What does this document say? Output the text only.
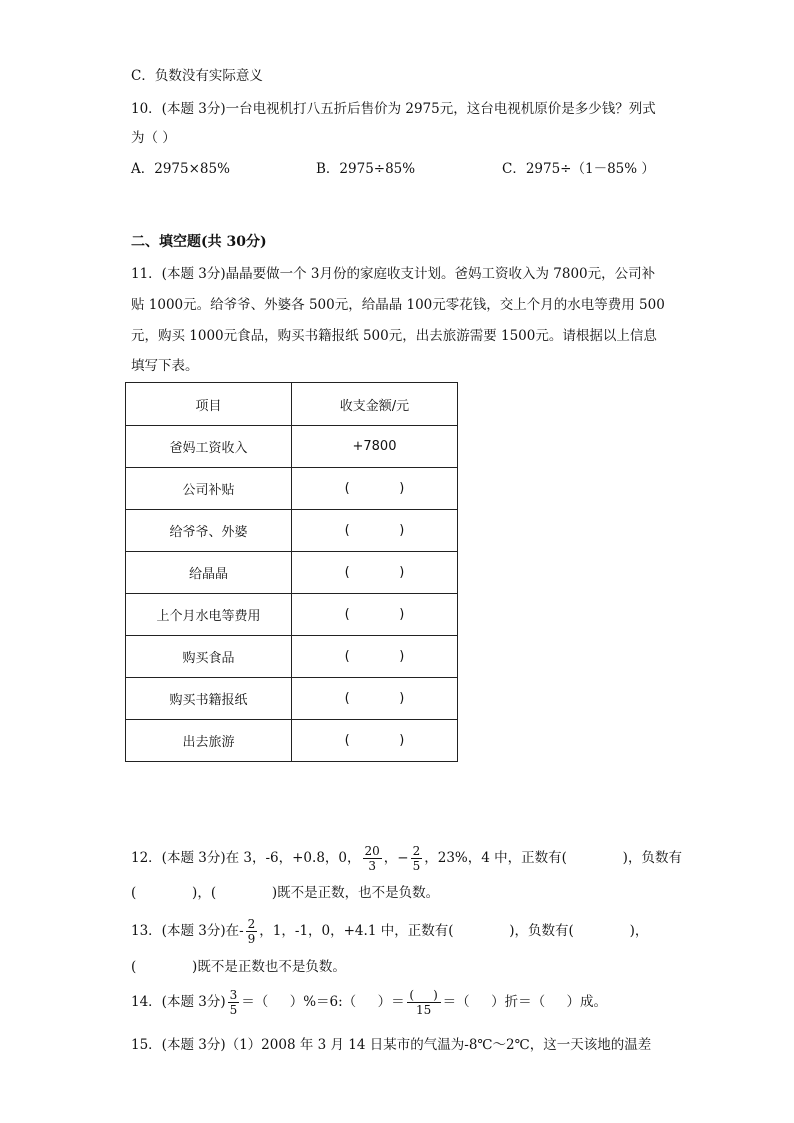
C．负数没有实际意义
10．(本题 3分)一台电视机打八五折后售价为 2975元，这台电视机原价是多少钱？列式
为（ ）
A．2975×85%	B．2975÷85%	C．2975÷（1－85% ）
二、填空题(共 30分)
11．(本题 3分)晶晶要做一个 3月份的家庭收支计划。爸妈工资收入为 7800元，公司补
贴 1000元。给爷爷、外婆各 500元，给晶晶 100元零花钱，交上个月的水电等费用 500
元，购买 1000元食品，购买书籍报纸 500元，出去旅游需要 1500元。请根据以上信息
填写下表。
项目	收支金额/元
爸妈工资收入	+7800
公司补贴	(            )
给爷爷、外婆	(            )
给晶晶	(            )
上个月水电等费用	(            )
购买食品	(            )
购买书籍报纸	(            )
出去旅游	(            )
12．(本题 3分)在 3，-6，+0.8，0， $\frac{20}{3}$ ，− $\frac{2}{5}$ ，23%，4 中，正数有(             )，负数有
(             )，(             )既不是正数，也不是负数。
13．(本题 3分)在- $\frac{2}{9}$ ，1，-1，0，+4.1 中，正数有(             )，负数有(             )，
(             )既不是正数也不是负数。
14．(本题 3分) $\frac{3}{5}$ ＝（     ）%＝6:（     ）＝ $\frac{( )}{15}$ ＝（     ）折＝（     ）成。
15．(本题 3分)（1）2008 年 3 月 14 日某市的气温为-8℃～2℃，这一天该地的温差
